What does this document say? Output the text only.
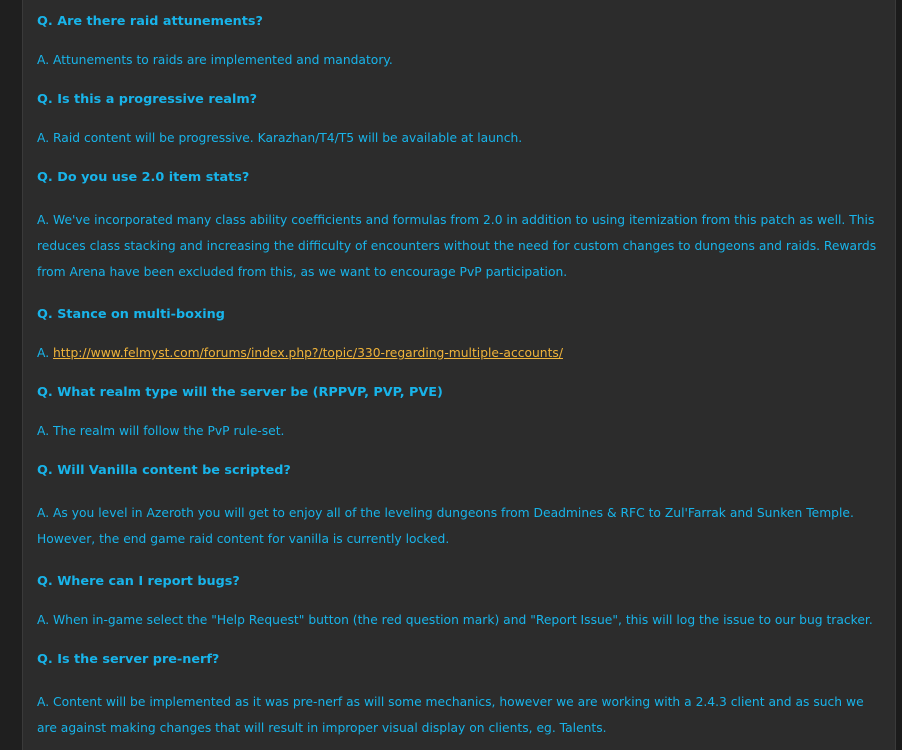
Q. Are there raid attunements?
A. Attunements to raids are implemented and mandatory.
Q. Is this a progressive realm?
A. Raid content will be progressive. Karazhan/T4/T5 will be available at launch.
Q. Do you use 2.0 item stats?
A. We've incorporated many class ability coefficients and formulas from 2.0 in addition to using itemization from this patch as well. This reduces class stacking and increasing the difficulty of encounters without the need for custom changes to dungeons and raids. Rewards from Arena have been excluded from this, as we want to encourage PvP participation.
Q. Stance on multi-boxing
A. http://www.felmyst.com/forums/index.php?/topic/330-regarding-multiple-accounts/
Q. What realm type will the server be (RPPVP, PVP, PVE)
A. The realm will follow the PvP rule-set.
Q. Will Vanilla content be scripted?
A. As you level in Azeroth you will get to enjoy all of the leveling dungeons from Deadmines & RFC to Zul'Farrak and Sunken Temple. However, the end game raid content for vanilla is currently locked.
Q. Where can I report bugs?
A. When in-game select the "Help Request" button (the red question mark) and "Report Issue", this will log the issue to our bug tracker.
Q. Is the server pre-nerf?
A. Content will be implemented as it was pre-nerf as will some mechanics, however we are working with a 2.4.3 client and as such we are against making changes that will result in improper visual display on clients, eg. Talents.
